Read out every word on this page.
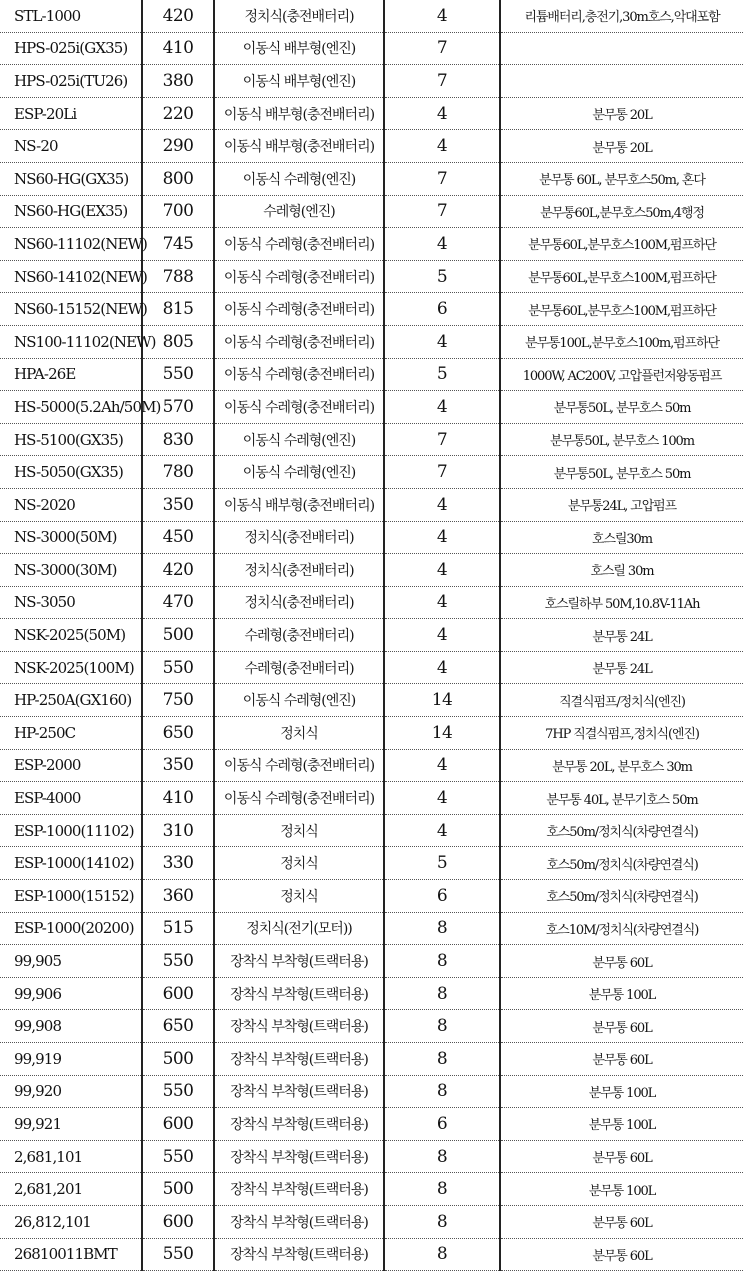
STL-1000	420	정치식(충전배터리)	4	리튬배터리,충전기,30m호스,악대포함
HPS-025i(GX35)	410	이동식 배부형(엔진)	7	
HPS-025i(TU26)	380	이동식 배부형(엔진)	7	
ESP-20Li	220	이동식 배부형(충전배터리)	4	분무통 20L
NS-20	290	이동식 배부형(충전배터리)	4	분무통 20L
NS60-HG(GX35)	800	이동식 수레형(엔진)	7	분무통 60L, 분무호스50m, 혼다
NS60-HG(EX35)	700	수레형(엔진)	7	분무통60L,분무호스50m,4행정
NS60-11102(NEW)	745	이동식 수레형(충전배터리)	4	분무통60L,분무호스100M,펌프하단
NS60-14102(NEW)	788	이동식 수레형(충전배터리)	5	분무통60L,분무호스100M,펌프하단
NS60-15152(NEW)	815	이동식 수레형(충전배터리)	6	분무통60L,분무호스100M,펌프하단
NS100-11102(NEW)	805	이동식 수레형(충전배터리)	4	분무통100L,분무호스100m,펌프하단
HPA-26E	550	이동식 수레형(충전배터리)	5	1000W, AC200V, 고압플런저왕동펌프
HS-5000(5.2Ah/50M)	570	이동식 수레형(충전배터리)	4	분무통50L, 분무호스 50m
HS-5100(GX35)	830	이동식 수레형(엔진)	7	분무통50L, 분무호스 100m
HS-5050(GX35)	780	이동식 수레형(엔진)	7	분무통50L, 분무호스 50m
NS-2020	350	이동식 배부형(충전배터리)	4	분무통24L, 고압펌프
NS-3000(50M)	450	정치식(충전배터리)	4	호스릴30m
NS-3000(30M)	420	정치식(충전배터리)	4	호스릴 30m
NS-3050	470	정치식(충전배터리)	4	호스릴하부 50M,10.8V-11Ah
NSK-2025(50M)	500	수레형(충전배터리)	4	분무통 24L
NSK-2025(100M)	550	수레형(충전배터리)	4	분무통 24L
HP-250A(GX160)	750	이동식 수레형(엔진)	14	직결식펌프/정치식(엔진)
HP-250C	650	정치식	14	7HP 직결식펌프,정치식(엔진)
ESP-2000	350	이동식 수레형(충전배터리)	4	분무통 20L, 분무호스 30m
ESP-4000	410	이동식 수레형(충전배터리)	4	분무통 40L, 분무기호스 50m
ESP-1000(11102)	310	정치식	4	호스50m/정치식(차량연결식)
ESP-1000(14102)	330	정치식	5	호스50m/정치식(차량연결식)
ESP-1000(15152)	360	정치식	6	호스50m/정치식(차량연결식)
ESP-1000(20200)	515	정치식(전기(모터))	8	호스10M/정치식(차량연결식)
99,905	550	장착식 부착형(트랙터용)	8	분무통 60L
99,906	600	장착식 부착형(트랙터용)	8	분무통 100L
99,908	650	장착식 부착형(트랙터용)	8	분무통 60L
99,919	500	장착식 부착형(트랙터용)	8	분무통 60L
99,920	550	장착식 부착형(트랙터용)	8	분무통 100L
99,921	600	장착식 부착형(트랙터용)	6	분무통 100L
2,681,101	550	장착식 부착형(트랙터용)	8	분무통 60L
2,681,201	500	장착식 부착형(트랙터용)	8	분무통 100L
26,812,101	600	장착식 부착형(트랙터용)	8	분무통 60L
26810011BMT	550	장착식 부착형(트랙터용)	8	분무통 60L
